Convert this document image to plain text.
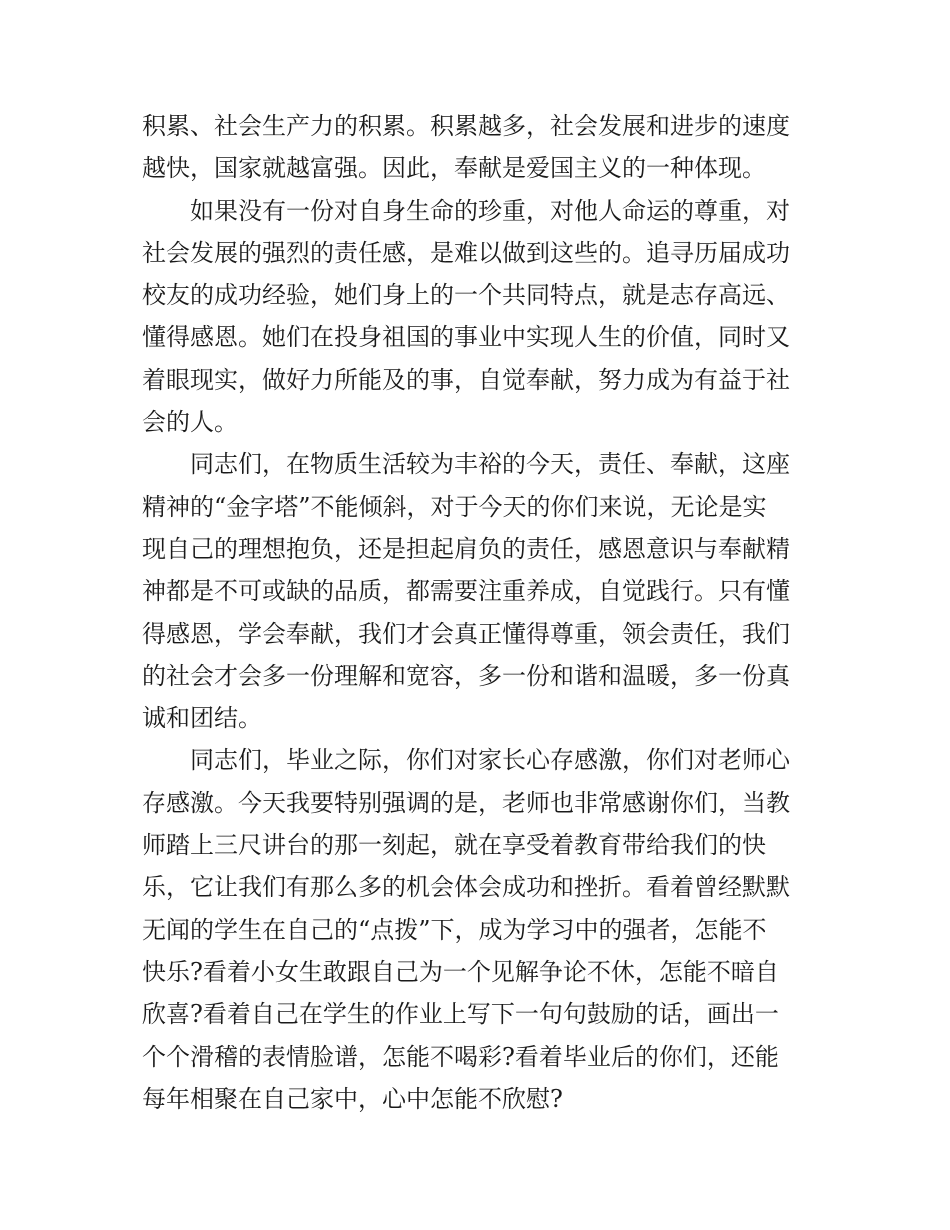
积累、社会生产力的积累。积累越多，社会发展和进步的速度
越快，国家就越富强。因此，奉献是爱国主义的一种体现。
如果没有一份对自身生命的珍重，对他人命运的尊重，对
社会发展的强烈的责任感，是难以做到这些的。追寻历届成功
校友的成功经验，她们身上的一个共同特点，就是志存高远、
懂得感恩。她们在投身祖国的事业中实现人生的价值，同时又
着眼现实，做好力所能及的事，自觉奉献，努力成为有益于社
会的人。
同志们，在物质生活较为丰裕的今天，责任、奉献，这座
精神的“金字塔”不能倾斜，对于今天的你们来说，无论是实
现自己的理想抱负，还是担起肩负的责任，感恩意识与奉献精
神都是不可或缺的品质，都需要注重养成，自觉践行。只有懂
得感恩，学会奉献，我们才会真正懂得尊重，领会责任，我们
的社会才会多一份理解和宽容，多一份和谐和温暖，多一份真
诚和团结。
同志们，毕业之际，你们对家长心存感激，你们对老师心
存感激。今天我要特别强调的是，老师也非常感谢你们，当教
师踏上三尺讲台的那一刻起，就在享受着教育带给我们的快
乐，它让我们有那么多的机会体会成功和挫折。看着曾经默默
无闻的学生在自己的“点拨”下，成为学习中的强者，怎能不
快乐?看着小女生敢跟自己为一个见解争论不休，怎能不暗自
欣喜?看着自己在学生的作业上写下一句句鼓励的话，画出一
个个滑稽的表情脸谱，怎能不喝彩?看着毕业后的你们，还能
每年相聚在自己家中，心中怎能不欣慰?
